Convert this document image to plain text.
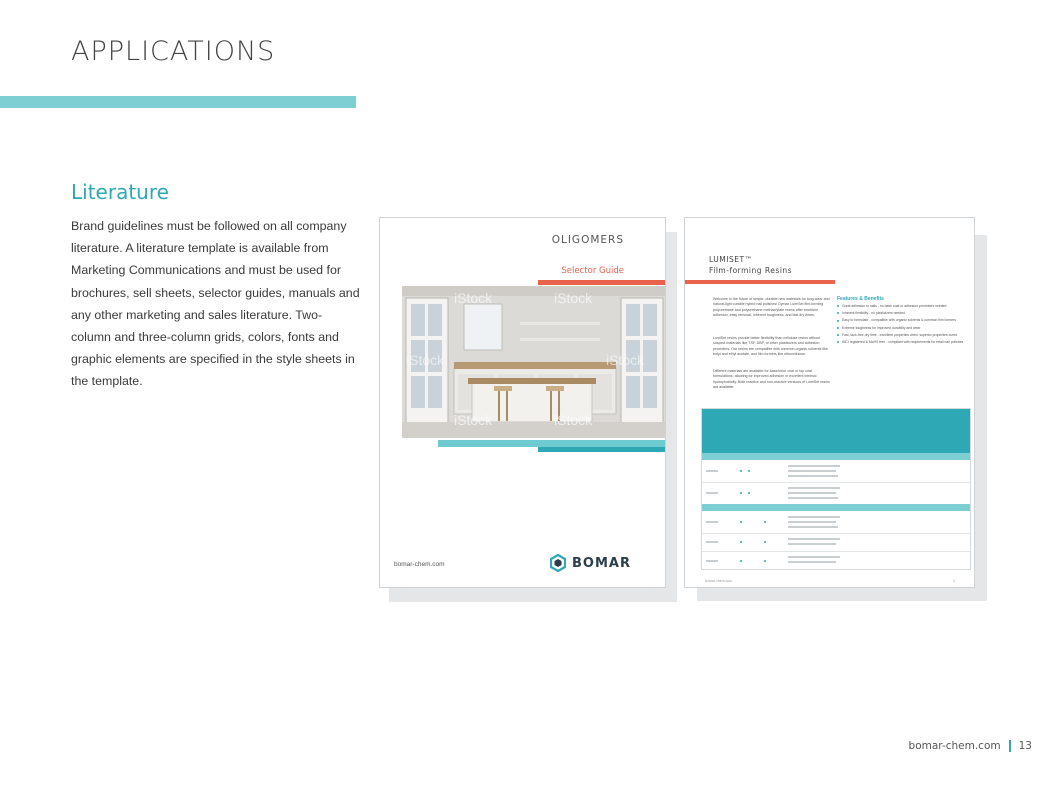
APPLICATIONS
Literature
Brand guidelines must be followed on all company literature. A literature template is available from Marketing Communications and must be used for brochures, sell sheets, selector guides, manuals and any other marketing and sales literature. Two-column and three-column grids, colors, fonts and graphic elements are specified in the style sheets in the template.
OLIGOMERS
Selector Guide
iStock	iStock
iStock	iStock
iStock	iStock
bomar-chem.com	BOMAR
LUMISET™
Film-forming Resins
Welcome to the future of simple, durable new materials for long-wear and natural-light curable hybrid nail polishes! Dymax LumiSet film-forming polyurethane and polyurethane methacrylate resins offer excellent adhesion, easy removal, inherent toughness, and fast dry times.
LumiSet resins provide better flexibility than cellulose resins without suspect materials like TSF, DBP, or other plasticizers and adhesion promoters. Our resins are compatible with common organic solvents like butyl and ethyl acetate, and film formers like nitrocellulose.
Different materials are available for base/color coat or top coat formulations, allowing for improved adhesion or excellent intrinsic hydrophobicity. Both reactive and non-reactive versions of LumiSet resins are available.
Features & Benefits
Great adhesion to nails - no base coat or adhesion promoters needed
Inherent flexibility - no plasticizers needed
Easy to formulate - compatible with organic solvents & common film formers
Extreme toughness for improved durability and wear
Fast, tack-free dry time - excellent properties dried; superior properties cured
INCI registered & MoHS free - compliant with requirements for retail nail polishes
bomar-chem.com	3
bomar-chem.com 13
